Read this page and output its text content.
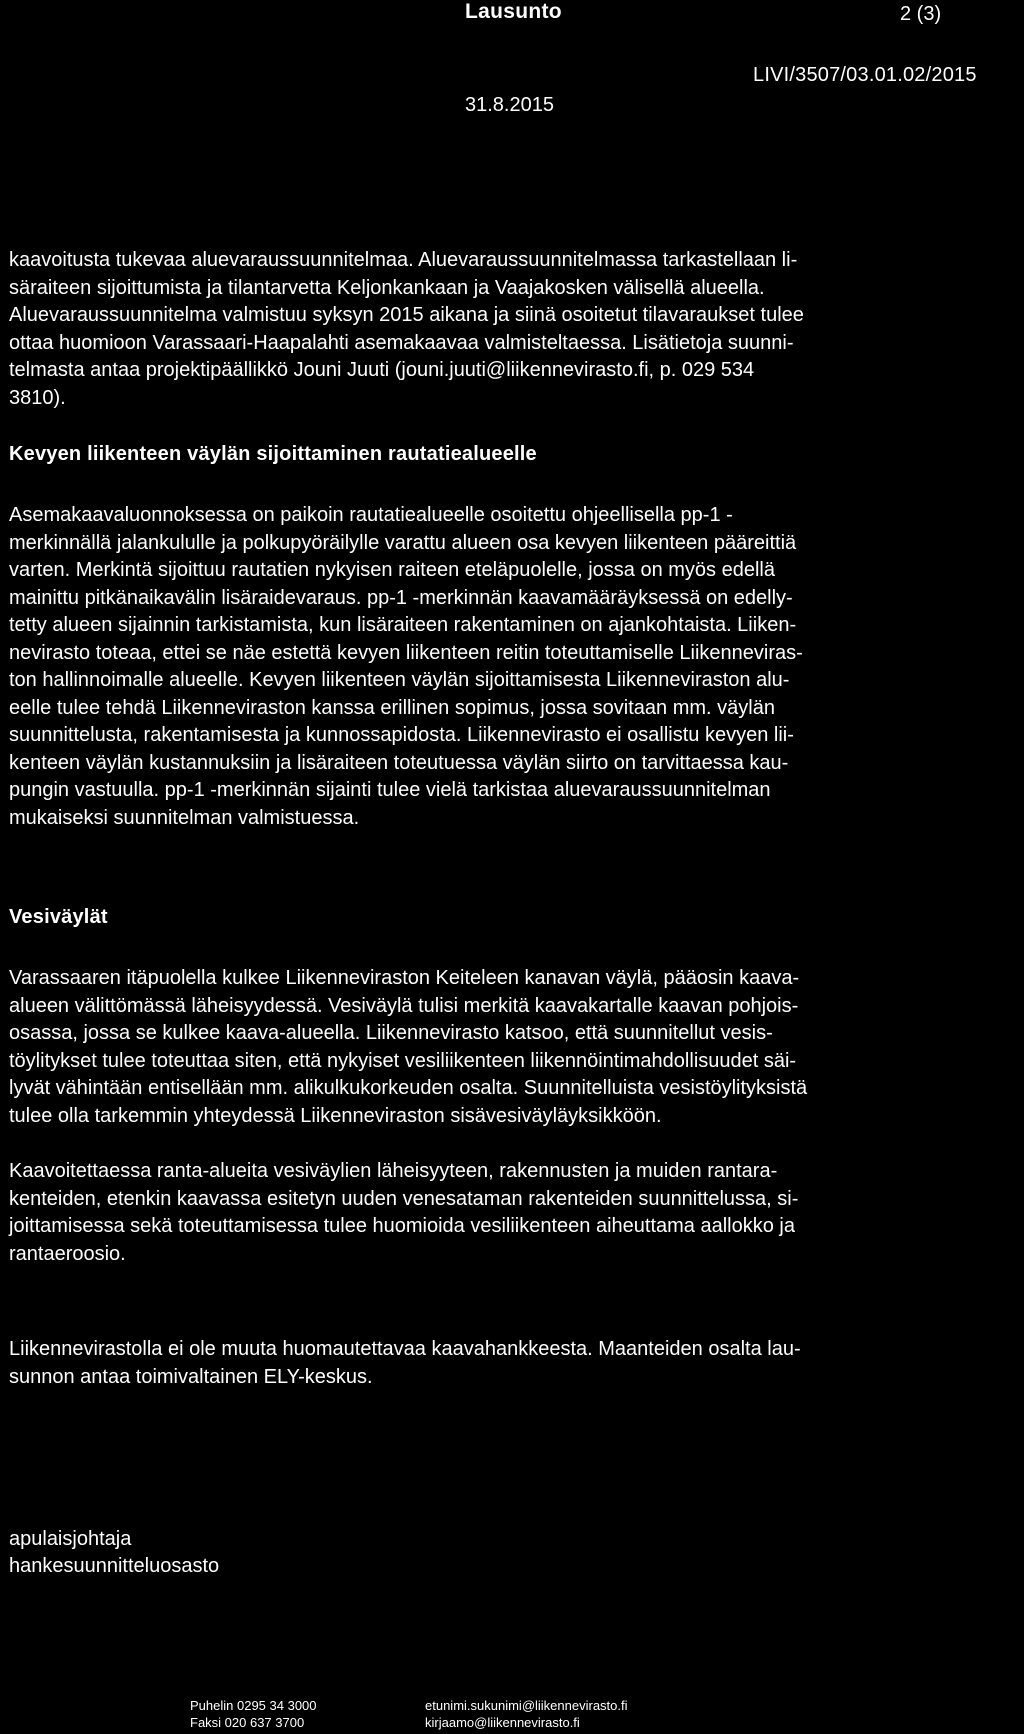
Lausunto	2 (3)
LIVI/3507/03.01.02/2015
31.8.2015

kaavoitusta tukevaa aluevaraussuunnitelmaa. Aluevaraussuunnitelmassa tarkastellaan li-
säraiteen sijoittumista ja tilantarvetta Keljonkankaan ja Vaajakosken välisellä alueella.
Aluevaraussuunnitelma valmistuu syksyn 2015 aikana ja siinä osoitetut tilavaraukset tulee
ottaa huomioon Varassaari-Haapalahti asemakaavaa valmisteltaessa. Lisätietoja suunni-
telmasta antaa projektipäällikkö Jouni Juuti (jouni.juuti@liikennevirasto.fi, p. 029 534
3810).

Kevyen liikenteen väylän sijoittaminen rautatiealueelle

Asemakaavaluonnoksessa on paikoin rautatiealueelle osoitettu ohjeellisella pp-1 -
merkinnällä jalankululle ja polkupyöräilylle varattu alueen osa kevyen liikenteen pääreittiä
varten. Merkintä sijoittuu rautatien nykyisen raiteen eteläpuolelle, jossa on myös edellä
mainittu pitkänaikavälin lisäraidevaraus. pp-1 -merkinnän kaavamääräyksessä on edelly-
tetty alueen sijainnin tarkistamista, kun lisäraiteen rakentaminen on ajankohtaista. Liiken-
nevirasto toteaa, ettei se näe estettä kevyen liikenteen reitin toteuttamiselle Liikenneviras-
ton hallinnoimalle alueelle. Kevyen liikenteen väylän sijoittamisesta Liikenneviraston alu-
eelle tulee tehdä Liikenneviraston kanssa erillinen sopimus, jossa sovitaan mm. väylän
suunnittelusta, rakentamisesta ja kunnossapidosta. Liikennevirasto ei osallistu kevyen lii-
kenteen väylän kustannuksiin ja lisäraiteen toteutuessa väylän siirto on tarvittaessa kau-
pungin vastuulla. pp-1 -merkinnän sijainti tulee vielä tarkistaa aluevaraussuunnitelman
mukaiseksi suunnitelman valmistuessa.

Vesiväylät

Varassaaren itäpuolella kulkee Liikenneviraston Keiteleen kanavan väylä, pääosin kaava-
alueen välittömässä läheisyydessä. Vesiväylä tulisi merkitä kaavakartalle kaavan pohjois-
osassa, jossa se kulkee kaava-alueella. Liikennevirasto katsoo, että suunnitellut vesis-
töylitykset tulee toteuttaa siten, että nykyiset vesiliikenteen liikennöintimahdollisuudet säi-
lyvät vähintään entisellään mm. alikulkukorkeuden osalta. Suunnitelluista vesistöylityksistä
tulee olla tarkemmin yhteydessä Liikenneviraston sisävesiväyläyksikköön.

Kaavoitettaessa ranta-alueita vesiväylien läheisyyteen, rakennusten ja muiden rantara-
kenteiden, etenkin kaavassa esitetyn uuden venesataman rakenteiden suunnittelussa, si-
joittamisessa sekä toteuttamisessa tulee huomioida vesiliikenteen aiheuttama aallokko ja
rantaeroosio.

Liikennevirastolla ei ole muuta huomautettavaa kaavahankkeesta. Maanteiden osalta lau-
sunnon antaa toimivaltainen ELY-keskus.

apulaisjohtaja
hankesuunnitteluosasto
Puhelin 0295 34 3000
Faksi 020 637 3700
etunimi.sukunimi@liikennevirasto.fi
kirjaamo@liikennevirasto.fi
